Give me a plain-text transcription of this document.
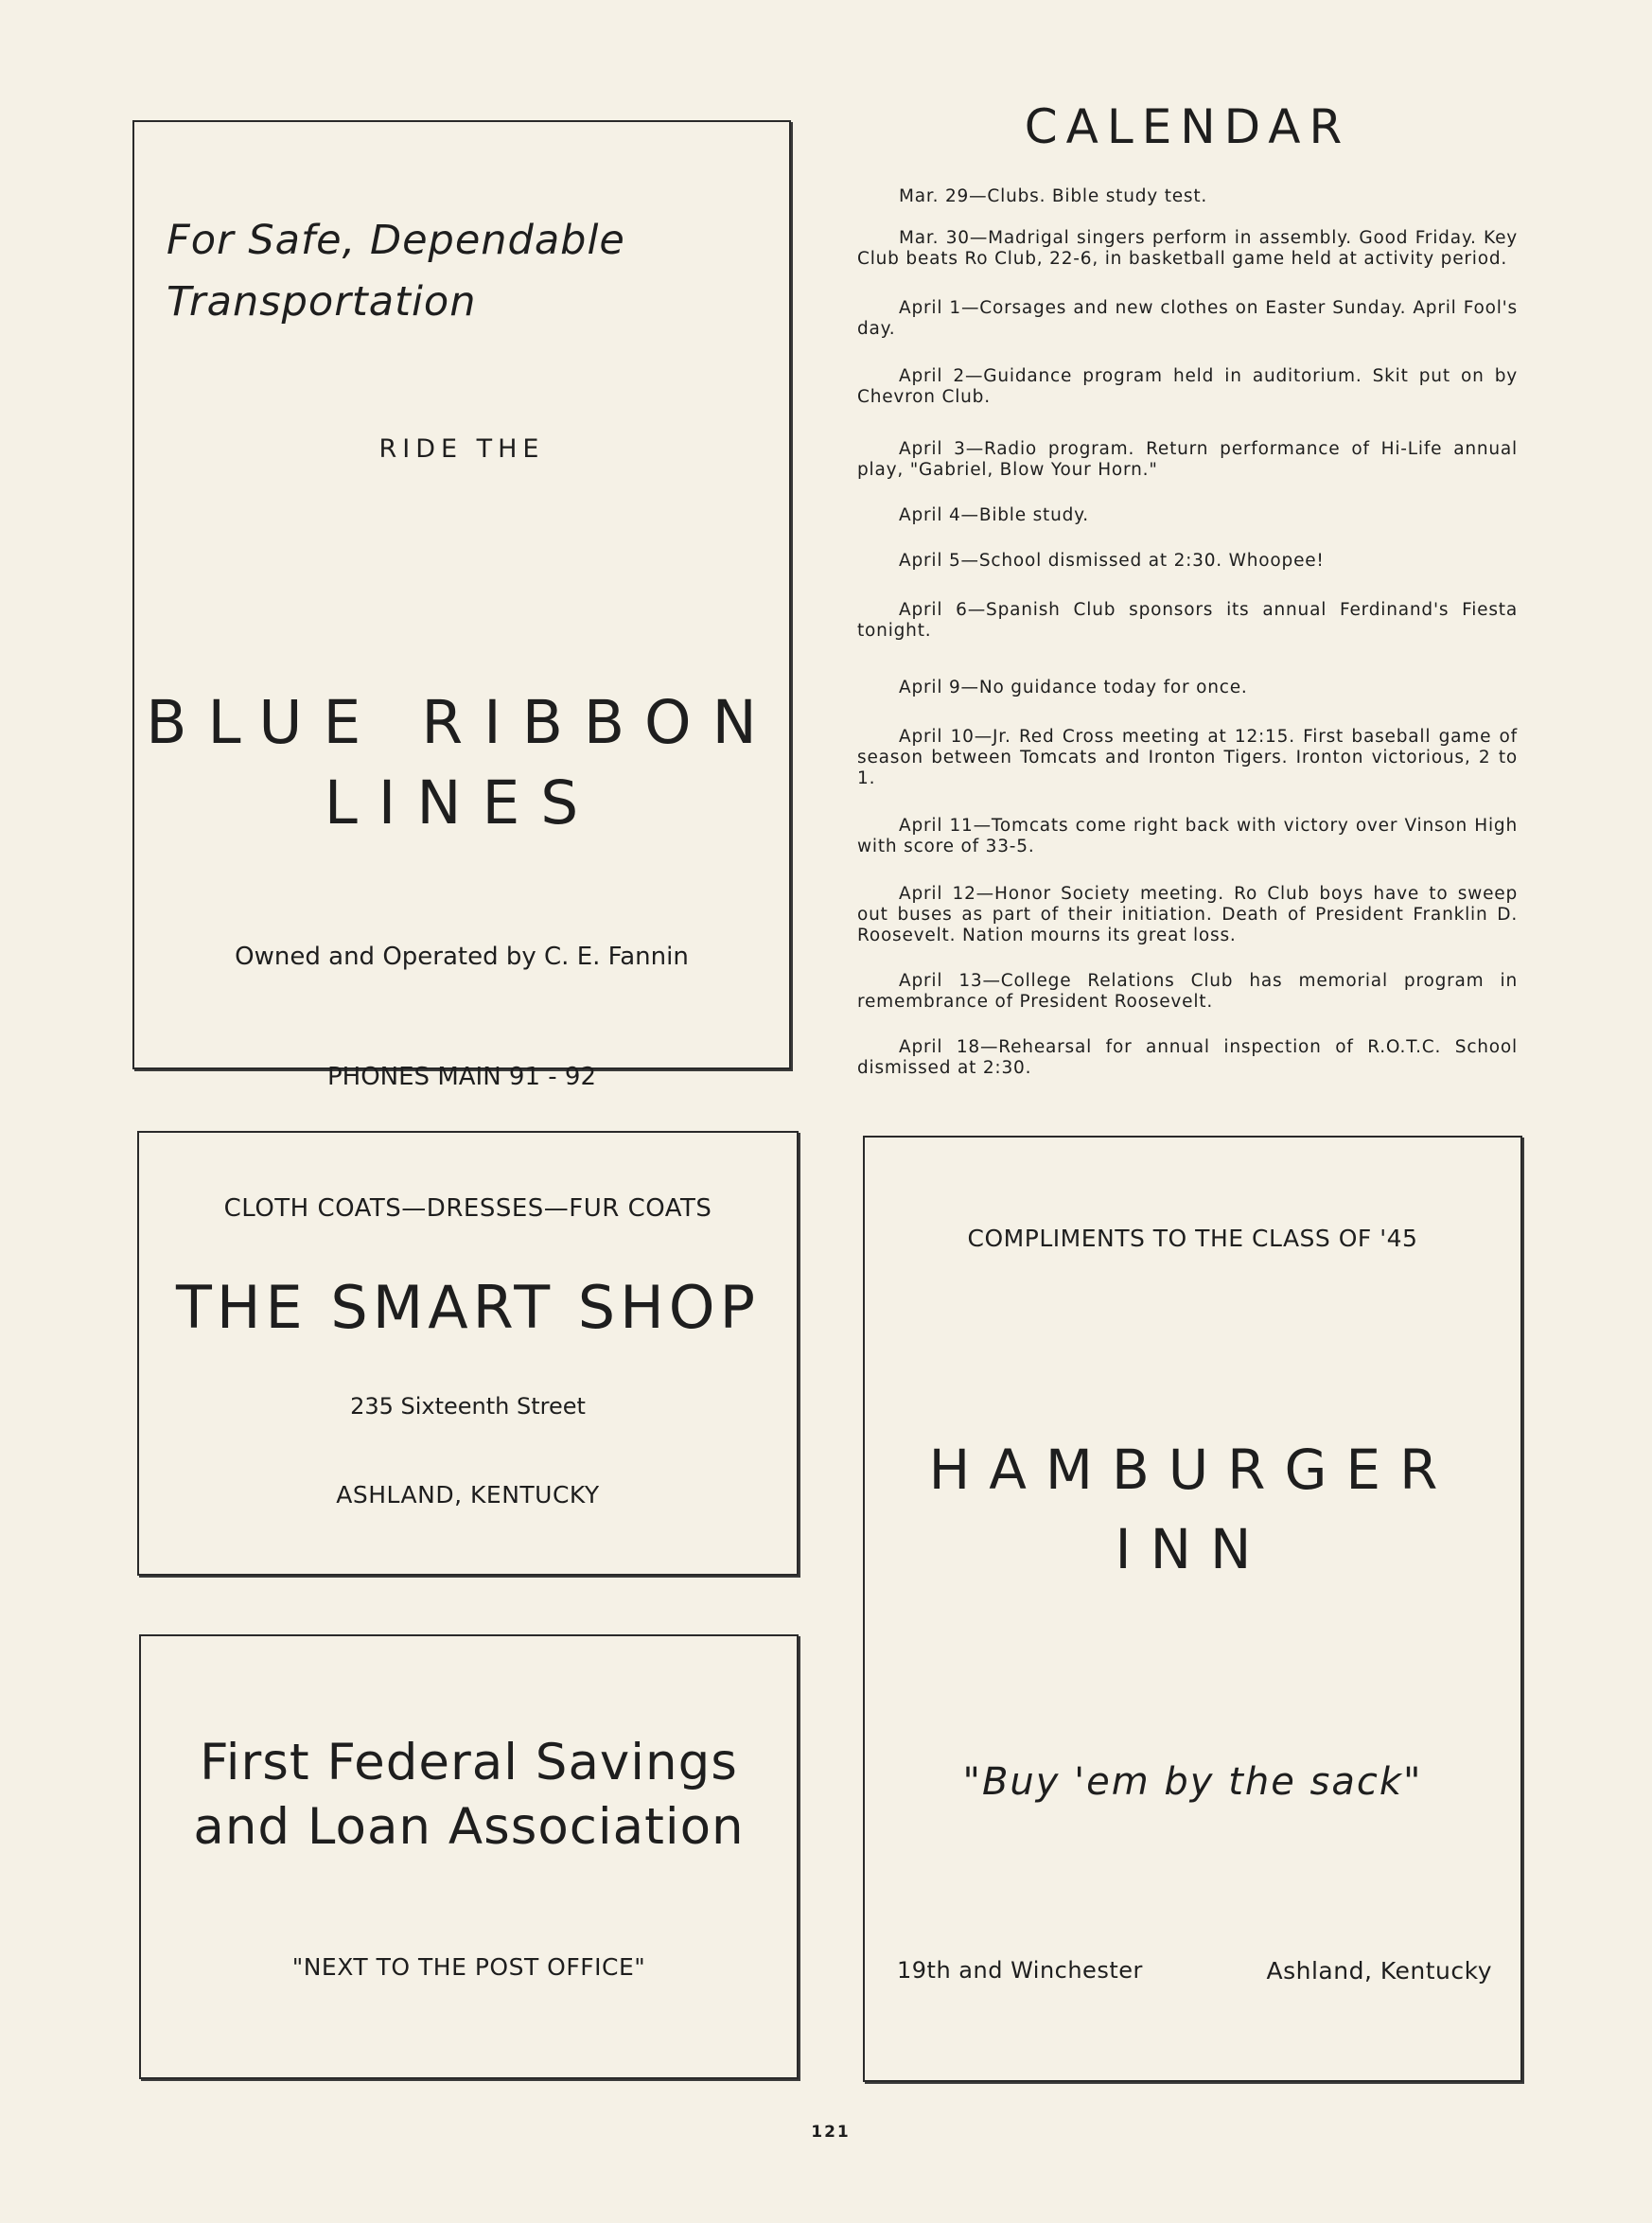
For Safe, Dependable
Transportation
RIDE THE
BLUE RIBBON
LINES
Owned and Operated by C. E. Fannin
PHONES MAIN 91 - 92
CALENDAR

Mar. 29—Clubs. Bible study test.

Mar. 30—Madrigal singers perform in assembly. Good Friday. Key Club beats Ro Club, 22-6, in basketball game held at activity period.

April 1—Corsages and new clothes on Easter Sunday. April Fool's day.

April 2—Guidance program held in auditorium. Skit put on by Chevron Club.

April 3—Radio program. Return performance of Hi-Life annual play, "Gabriel, Blow Your Horn."

April 4—Bible study.

April 5—School dismissed at 2:30. Whoopee!

April 6—Spanish Club sponsors its annual Ferdinand's Fiesta tonight.

April 9—No guidance today for once.

April 10—Jr. Red Cross meeting at 12:15. First baseball game of season between Tomcats and Ironton Tigers. Ironton victorious, 2 to 1.

April 11—Tomcats come right back with victory over Vinson High with score of 33-5.

April 12—Honor Society meeting. Ro Club boys have to sweep out buses as part of their initiation. Death of President Franklin D. Roosevelt. Nation mourns its great loss.

April 13—College Relations Club has memorial program in remembrance of President Roosevelt.

April 18—Rehearsal for annual inspection of R.O.T.C. School dismissed at 2:30.

CLOTH COATS—DRESSES—FUR COATS
THE SMART SHOP
235 Sixteenth Street
ASHLAND, KENTUCKY
First Federal Savings
and Loan Association
"NEXT TO THE POST OFFICE"
COMPLIMENTS TO THE CLASS OF '45
HAMBURGER
INN
"Buy 'em by the sack"
19th and Winchester	Ashland, Kentucky
121
